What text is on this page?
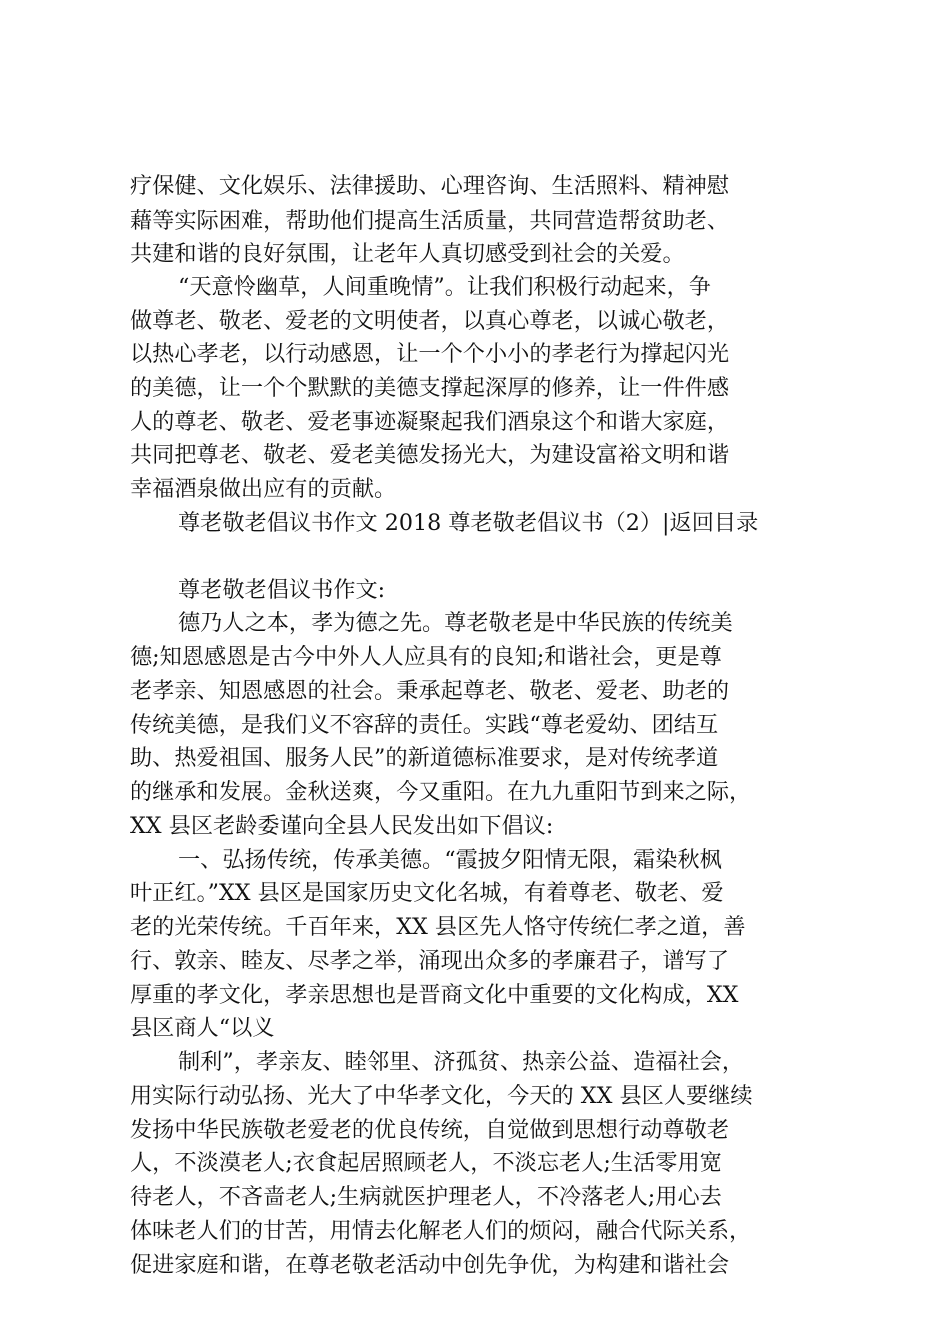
疗保健、文化娱乐、法律援助、心理咨询、生活照料、精神慰
藉等实际困难，帮助他们提高生活质量，共同营造帮贫助老、
共建和谐的良好氛围，让老年人真切感受到社会的关爱。
“天意怜幽草，人间重晚情”。让我们积极行动起来，争
做尊老、敬老、爱老的文明使者，以真心尊老，以诚心敬老，
以热心孝老，以行动感恩，让一个个小小的孝老行为撑起闪光
的美德，让一个个默默的美德支撑起深厚的修养，让一件件感
人的尊老、敬老、爱老事迹凝聚起我们酒泉这个和谐大家庭，
共同把尊老、敬老、爱老美德发扬光大，为建设富裕文明和谐
幸福酒泉做出应有的贡献。
尊老敬老倡议书作文 2018 尊老敬老倡议书（2）|返回目录
尊老敬老倡议书作文:
德乃人之本，孝为德之先。尊老敬老是中华民族的传统美
德;知恩感恩是古今中外人人应具有的良知;和谐社会，更是尊
老孝亲、知恩感恩的社会。秉承起尊老、敬老、爱老、助老的
传统美德，是我们义不容辞的责任。实践“尊老爱幼、团结互
助、热爱祖国、服务人民”的新道德标准要求，是对传统孝道
的继承和发展。金秋送爽，今又重阳。在九九重阳节到来之际，
XX 县区老龄委谨向全县人民发出如下倡议:
一、弘扬传统，传承美德。“霞披夕阳情无限，霜染秋枫
叶正红。”XX 县区是国家历史文化名城，有着尊老、敬老、爱
老的光荣传统。千百年来，XX 县区先人恪守传统仁孝之道，善
行、敦亲、睦友、尽孝之举，涌现出众多的孝廉君子，谱写了
厚重的孝文化，孝亲思想也是晋商文化中重要的文化构成，XX
县区商人“以义
制利”，孝亲友、睦邻里、济孤贫、热亲公益、造福社会，
用实际行动弘扬、光大了中华孝文化，今天的 XX 县区人要继续
发扬中华民族敬老爱老的优良传统，自觉做到思想行动尊敬老
人，不淡漠老人;衣食起居照顾老人，不淡忘老人;生活零用宽
待老人，不吝啬老人;生病就医护理老人，不冷落老人;用心去
体味老人们的甘苦，用情去化解老人们的烦闷，融合代际关系，
促进家庭和谐，在尊老敬老活动中创先争优，为构建和谐社会
